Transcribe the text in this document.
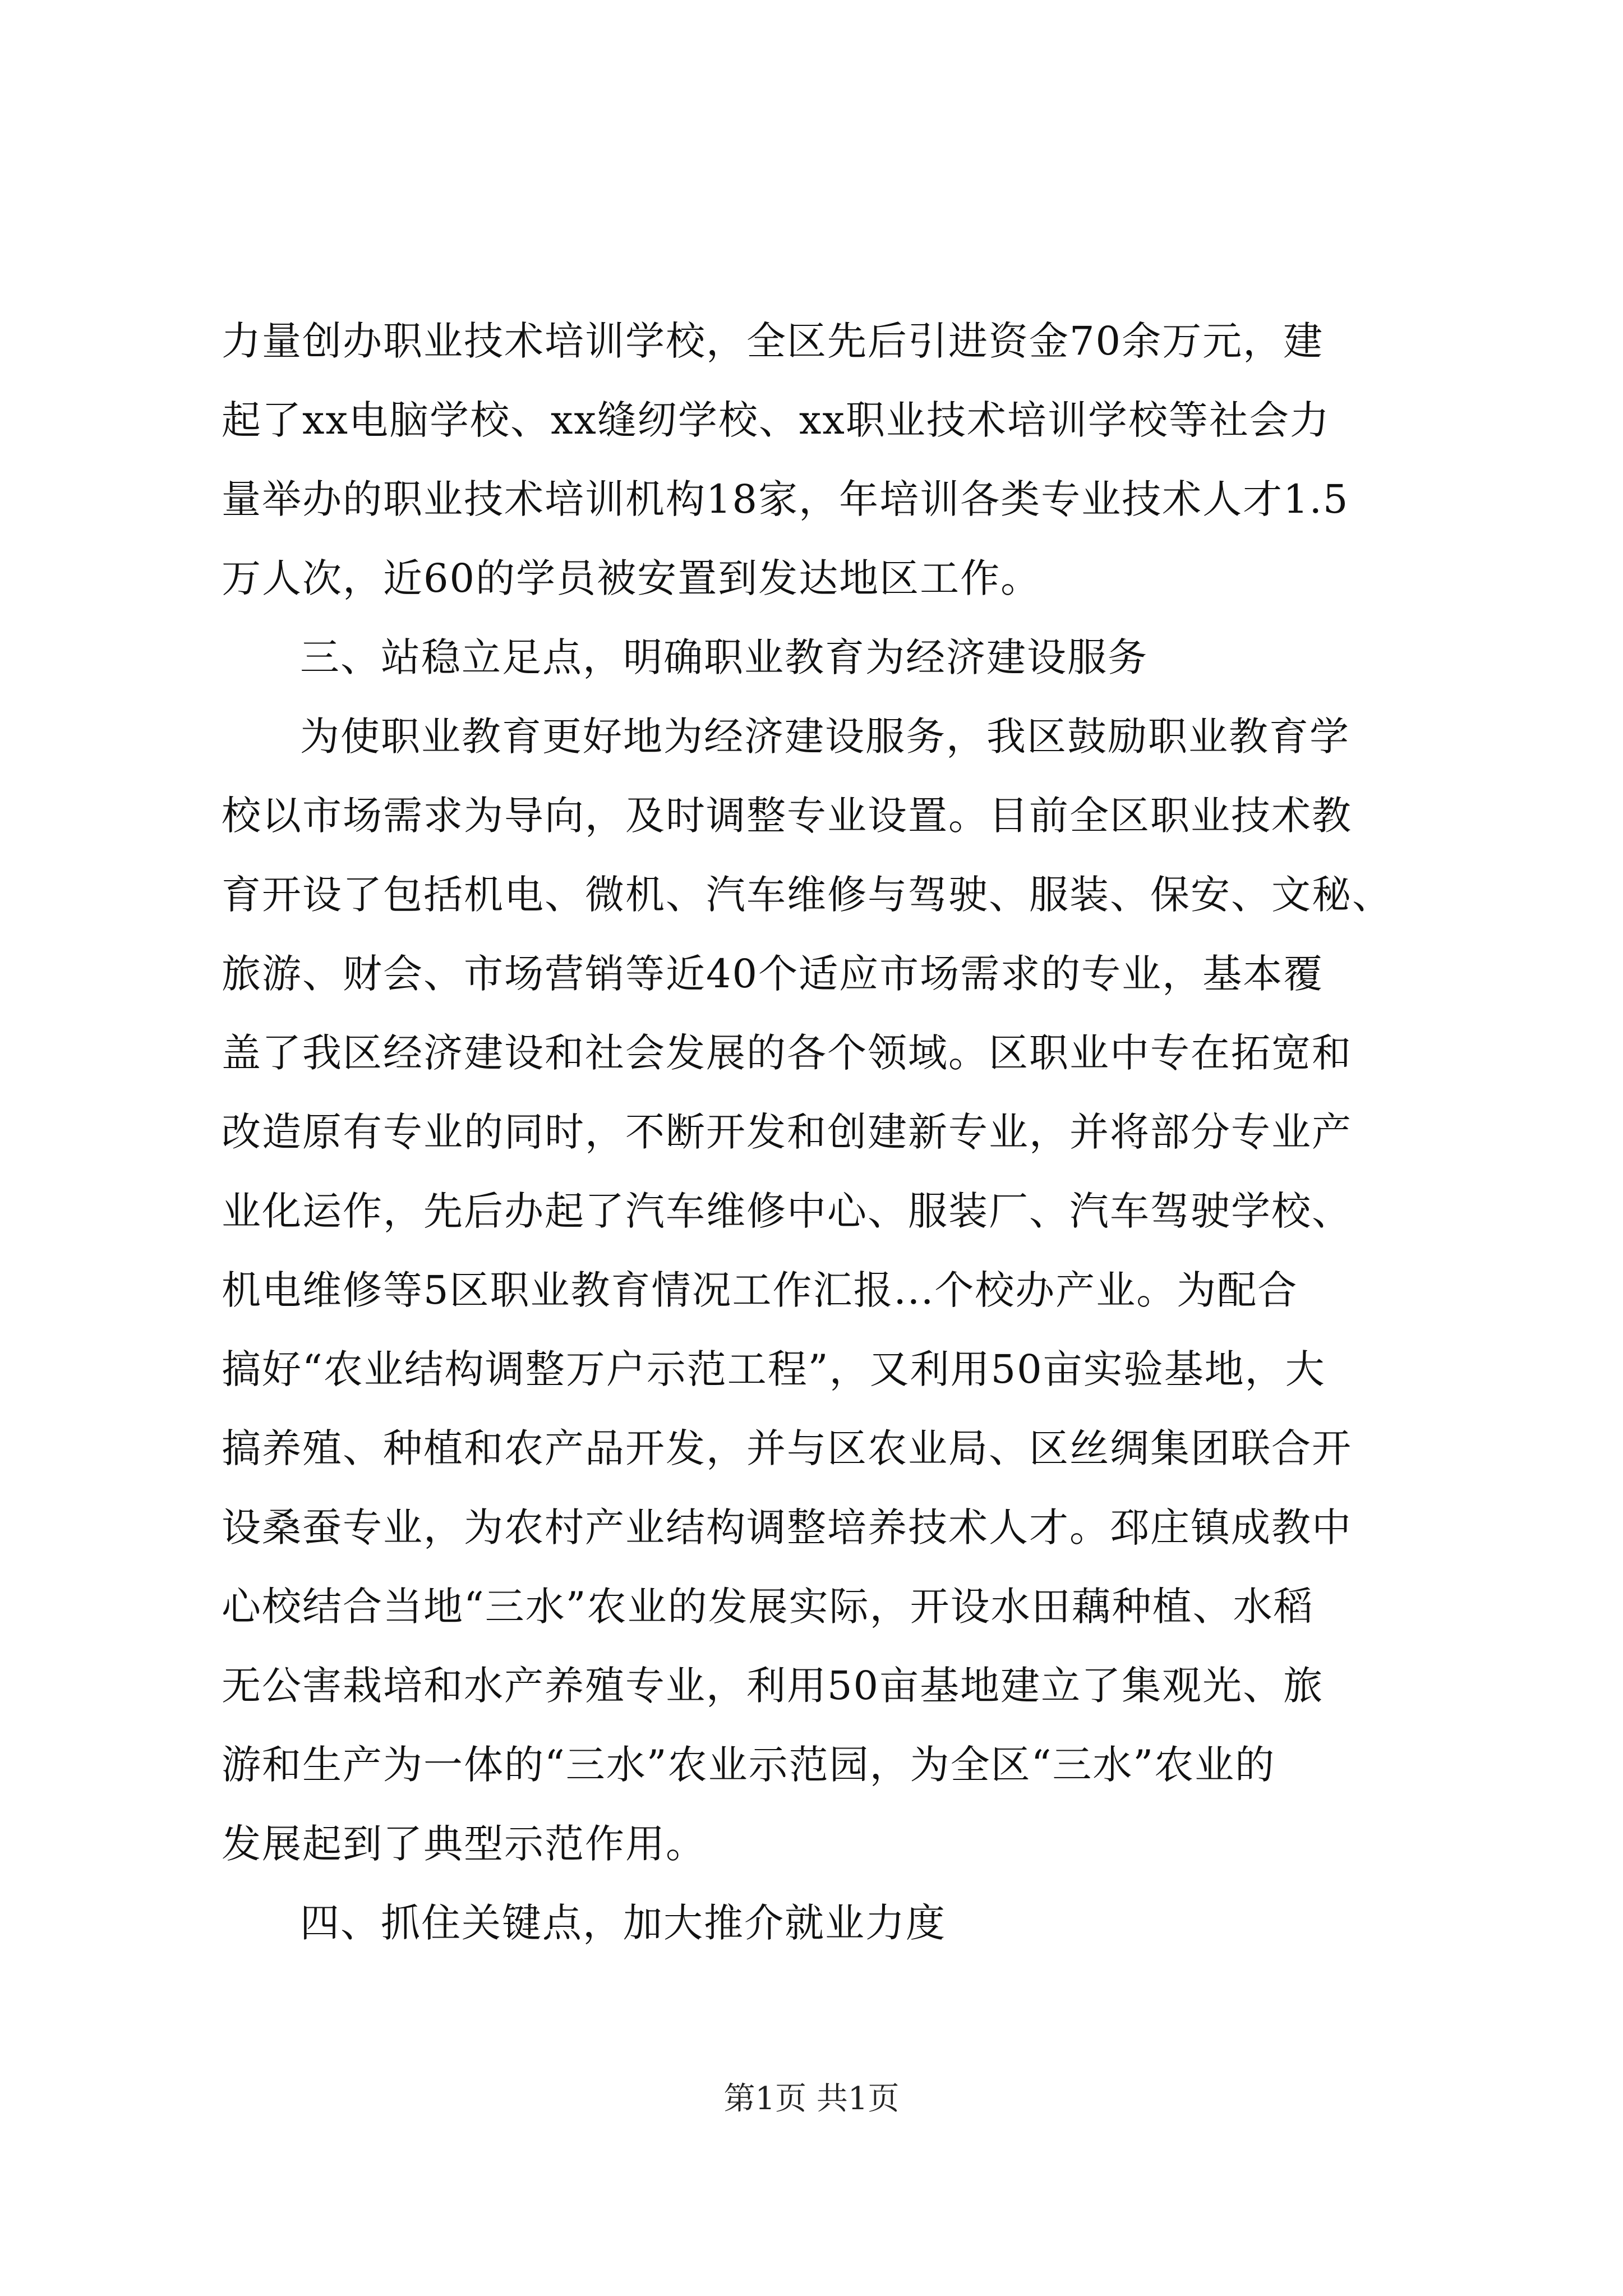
力量创办职业技术培训学校，全区先后引进资金70余万元，建
起了xx电脑学校、xx缝纫学校、xx职业技术培训学校等社会力
量举办的职业技术培训机构18家，年培训各类专业技术人才1.5
万人次，近60的学员被安置到发达地区工作。
三、站稳立足点，明确职业教育为经济建设服务
为使职业教育更好地为经济建设服务，我区鼓励职业教育学
校以市场需求为导向，及时调整专业设置。目前全区职业技术教
育开设了包括机电、微机、汽车维修与驾驶、服装、保安、文秘、
旅游、财会、市场营销等近40个适应市场需求的专业，基本覆
盖了我区经济建设和社会发展的各个领域。区职业中专在拓宽和
改造原有专业的同时，不断开发和创建新专业，并将部分专业产
业化运作，先后办起了汽车维修中心、服装厂、汽车驾驶学校、
机电维修等5区职业教育情况工作汇报...个校办产业。为配合
搞好“农业结构调整万户示范工程”，又利用50亩实验基地，大
搞养殖、种植和农产品开发，并与区农业局、区丝绸集团联合开
设桑蚕专业，为农村产业结构调整培养技术人才。邳庄镇成教中
心校结合当地“三水”农业的发展实际，开设水田藕种植、水稻
无公害栽培和水产养殖专业，利用50亩基地建立了集观光、旅
游和生产为一体的“三水”农业示范园，为全区“三水”农业的
发展起到了典型示范作用。
四、抓住关键点，加大推介就业力度
第1页 共1页
